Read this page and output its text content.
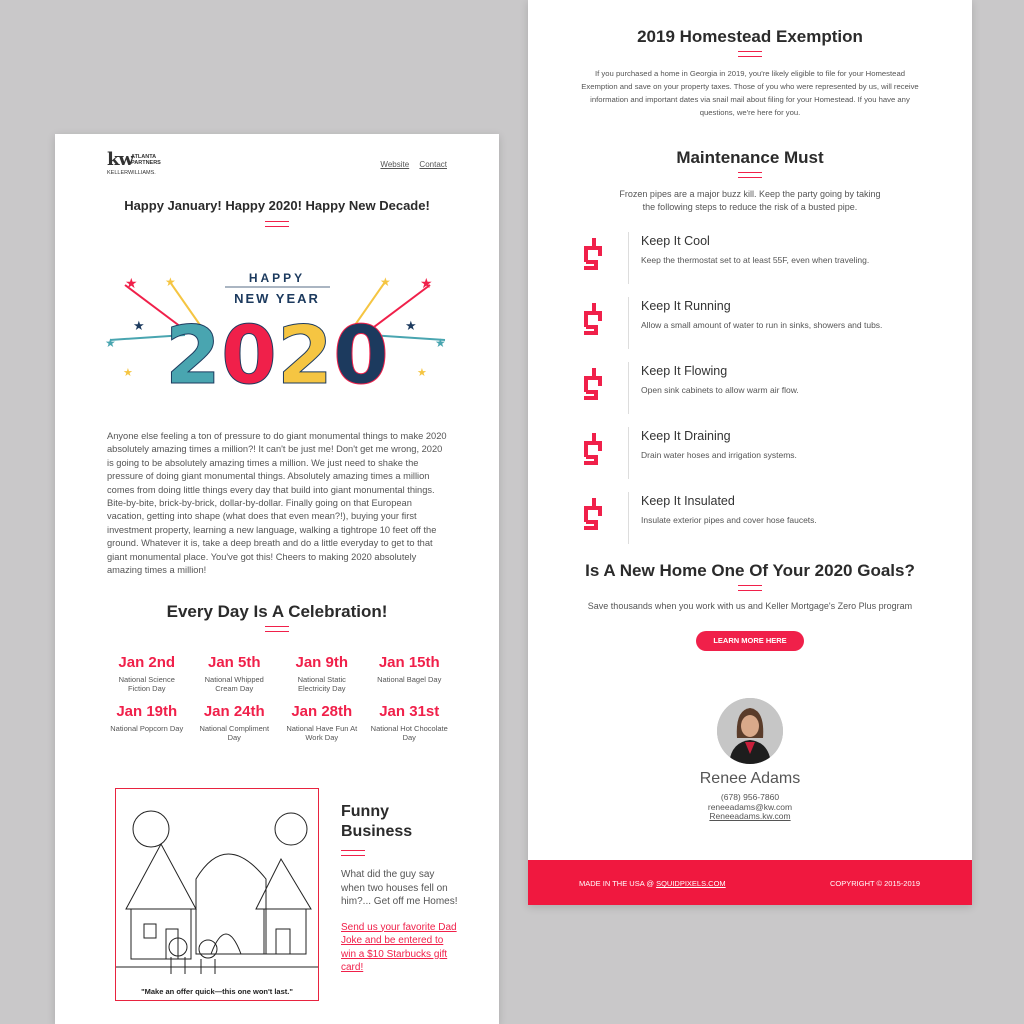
kw
ATLANTA
PARTNERS
KELLERWILLIAMS.
Website Contact
Happy January! Happy 2020! Happy New Decade!
★ ★
★
★
★
★
★
★
★
★
HAPPY
NEW YEAR
2 0 2 0
Anyone else feeling a ton of pressure to do giant monumental things to make 2020 absolutely amazing times a million?! It can't be just me! Don't get me wrong, 2020 is going to be absolutely amazing times a million. We just need to shake the pressure of doing giant monumental things. Absolutely amazing times a million comes from doing little things every day that build into giant monumental things. Bite-by-bite, brick-by-brick, dollar-by-dollar. Finally going on that European vacation, getting into shape (what does that even mean?!), buying your first investment property, learning a new language, walking a tightrope 10 feet off the ground. Whatever it is, take a deep breath and do a little everyday to get to that giant monumental place. You've got this! Cheers to making 2020 absolutely amazing times a million!
Every Day Is A Celebration!
Jan 2nd
National Science Fiction Day
Jan 5th
National Whipped Cream Day
Jan 9th
National Static Electricity Day
Jan 15th
National Bagel Day
Jan 19th
National Popcorn Day
Jan 24th
National Compliment Day
Jan 28th
National Have Fun At Work Day
Jan 31st
National Hot Chocolate Day
"Make an offer quick—this one won't last."
Funny Business
What did the guy say when two houses fell on him?... Get off me Homes!
Send us your favorite Dad Joke and be entered to win a $10 Starbucks gift card!
2019 Homestead Exemption
If you purchased a home in Georgia in 2019, you're likely eligible to file for your Homestead Exemption and save on your property taxes. Those of you who were represented by us, will receive information and important dates via snail mail about filing for your Homestead. If you have any questions, we're here for you.
Maintenance Must
Frozen pipes are a major buzz kill. Keep the party going by taking the following steps to reduce the risk of a busted pipe.
Keep It Cool
Keep the thermostat set to at least 55F, even when traveling.
Keep It Running
Allow a small amount of water to run in sinks, showers and tubs.
Keep It Flowing
Open sink cabinets to allow warm air flow.
Keep It Draining
Drain water hoses and irrigation systems.
Keep It Insulated
Insulate exterior pipes and cover hose faucets.
Is A New Home One Of Your 2020 Goals?
Save thousands when you work with us and Keller Mortgage's Zero Plus program
LEARN MORE HERE
Renee Adams
(678) 956-7860
reneeadams@kw.com
Reneeadams.kw.com
MADE IN THE USA @ SQUIDPIXELS.COM	COPYRIGHT © 2015-2019
